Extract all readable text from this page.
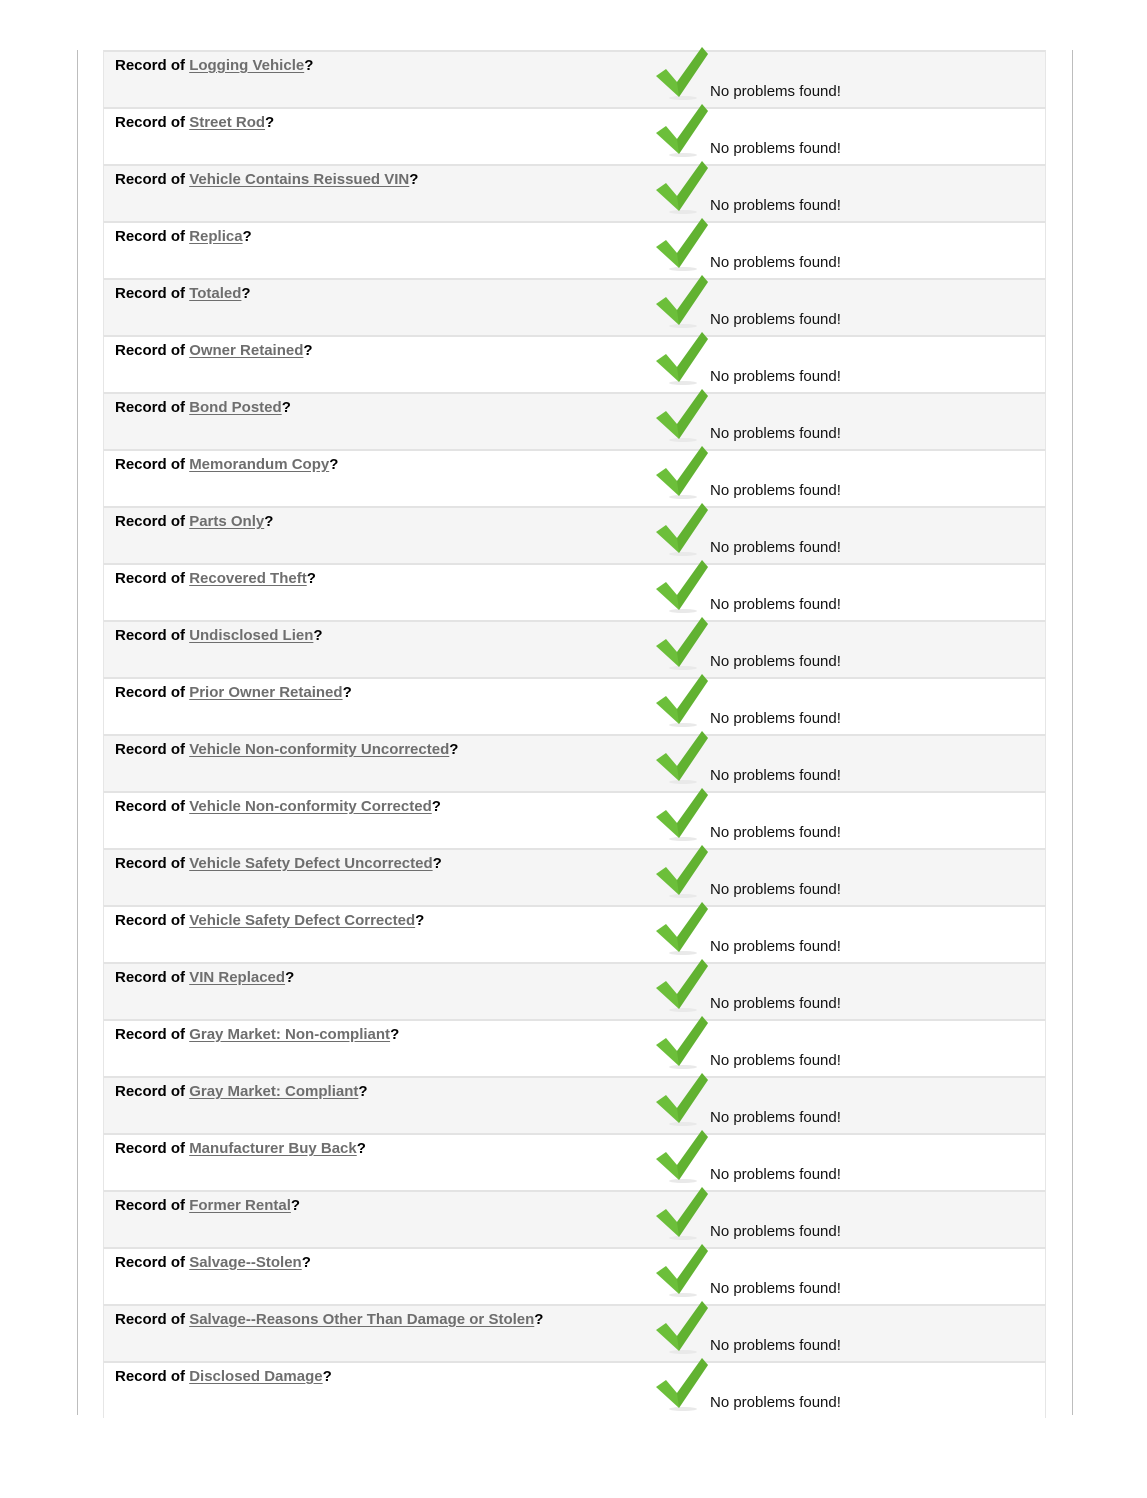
Record of Logging Vehicle?
No problems found!
Record of Street Rod?
No problems found!
Record of Vehicle Contains Reissued VIN?
No problems found!
Record of Replica?
No problems found!
Record of Totaled?
No problems found!
Record of Owner Retained?
No problems found!
Record of Bond Posted?
No problems found!
Record of Memorandum Copy?
No problems found!
Record of Parts Only?
No problems found!
Record of Recovered Theft?
No problems found!
Record of Undisclosed Lien?
No problems found!
Record of Prior Owner Retained?
No problems found!
Record of Vehicle Non-conformity Uncorrected?
No problems found!
Record of Vehicle Non-conformity Corrected?
No problems found!
Record of Vehicle Safety Defect Uncorrected?
No problems found!
Record of Vehicle Safety Defect Corrected?
No problems found!
Record of VIN Replaced?
No problems found!
Record of Gray Market: Non-compliant?
No problems found!
Record of Gray Market: Compliant?
No problems found!
Record of Manufacturer Buy Back?
No problems found!
Record of Former Rental?
No problems found!
Record of Salvage--Stolen?
No problems found!
Record of Salvage--Reasons Other Than Damage or Stolen?
No problems found!
Record of Disclosed Damage?
No problems found!
